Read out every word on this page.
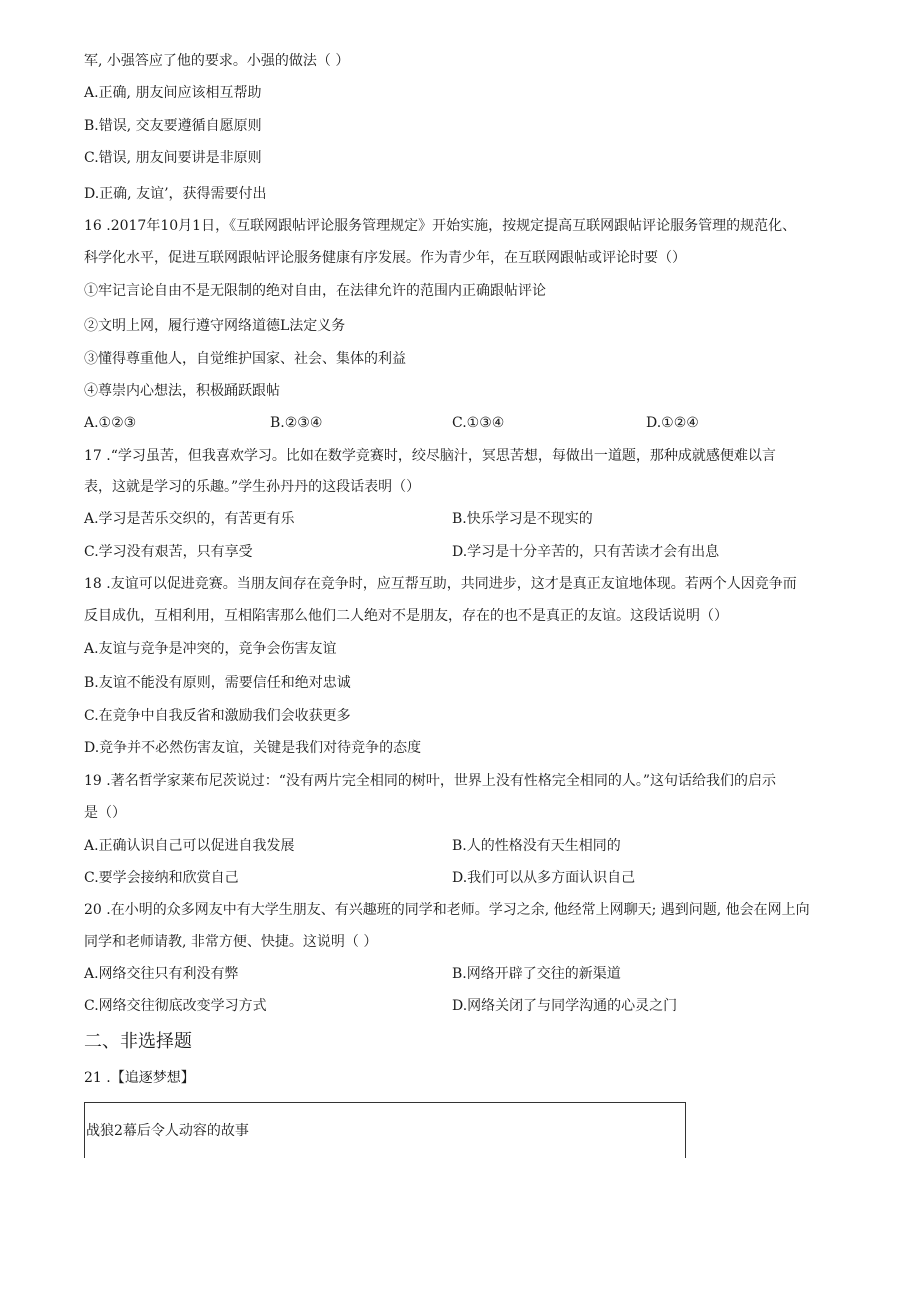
军, 小强答应了他的要求。小强的做法（ ）
A.正确, 朋友间应该相互帮助
B.错误, 交友要遵循自愿原则
C.错误, 朋友间要讲是非原则
D.正确, 友谊’，获得需要付出
16 .2017年10月1日，《互联网跟帖评论服务管理规定》开始实施，按规定提高互联网跟帖评论服务管理的规范化、
科学化水平，促进互联网跟帖评论服务健康有序发展。作为青少年，在互联网跟帖或评论时要（）
①牢记言论自由不是无限制的绝对自由，在法律允许的范围内正确跟帖评论
②文明上网，履行遵守网络道德L法定义务
③懂得尊重他人，自觉维护国家、社会、集体的利益
④尊崇内心想法，积极踊跃跟帖
A.①②③	B.②③④	C.①③④	D.①②④
17 .“学习虽苦，但我喜欢学习。比如在数学竞赛时，绞尽脑汁，冥思苦想，每做出一道题，那种成就感便难以言
表，这就是学习的乐趣。”学生孙丹丹的这段话表明（）
A.学习是苦乐交织的，有苦更有乐	B.快乐学习是不现实的
C.学习没有艰苦，只有享受	D.学习是十分辛苦的，只有苦读才会有出息
18 .友谊可以促进竞赛。当朋友间存在竞争时，应互帮互助，共同进步，这才是真正友谊地体现。若两个人因竞争而
反目成仇，互相利用，互相陷害那么他们二人绝对不是朋友，存在的也不是真正的友谊。这段话说明（）
A.友谊与竞争是冲突的，竞争会伤害友谊
B.友谊不能没有原则，需要信任和绝对忠诚
C.在竞争中自我反省和激励我们会收获更多
D.竞争并不必然伤害友谊，关键是我们对待竞争的态度
19 .著名哲学家莱布尼茨说过：“没有两片完全相同的树叶，世界上没有性格完全相同的人。”这句话给我们的启示
是（）
A.正确认识自己可以促进自我发展	B.人的性格没有天生相同的
C.要学会接纳和欣赏自己	D.我们可以从多方面认识自己
20 .在小明的众多网友中有大学生朋友、有兴趣班的同学和老师。学习之余, 他经常上网聊天; 遇到问题, 他会在网上向
同学和老师请教, 非常方便、快捷。这说明（ ）
A.网络交往只有利没有弊	B.网络开辟了交往的新渠道
C.网络交往彻底改变学习方式	D.网络关闭了与同学沟通的心灵之门
二、非选择题
21 .【追逐梦想】
战狼2幕后令人动容的故事
